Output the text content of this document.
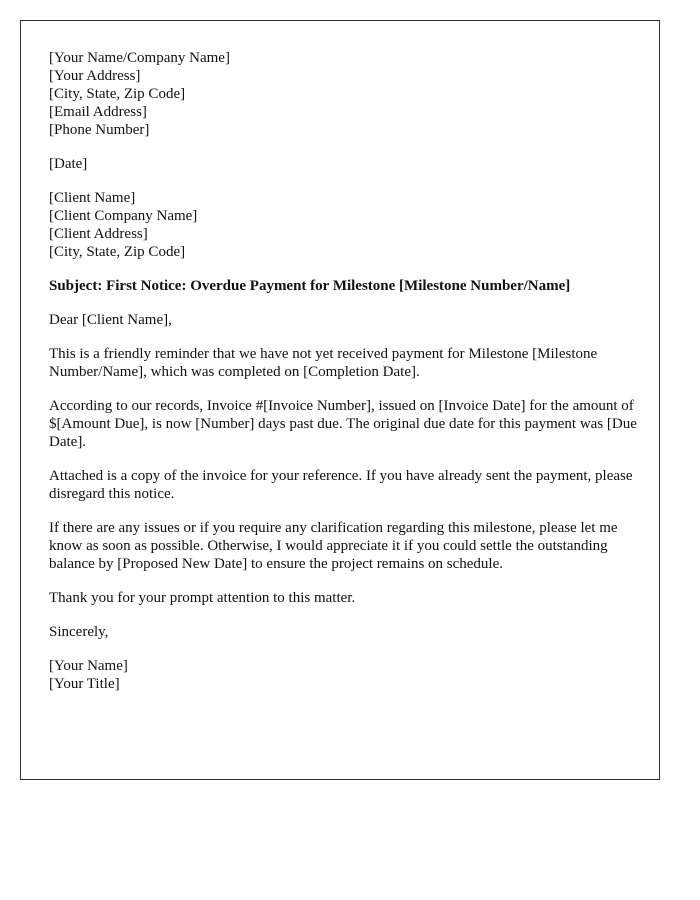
[Your Name/Company Name]
[Your Address]
[City, State, Zip Code]
[Email Address]
[Phone Number]
[Date]
[Client Name]
[Client Company Name]
[Client Address]
[City, State, Zip Code]

Subject: First Notice: Overdue Payment for Milestone [Milestone Number/Name]

Dear [Client Name],

This is a friendly reminder that we have not yet received payment for Milestone [Milestone Number/Name], which was completed on [Completion Date].

According to our records, Invoice #[Invoice Number], issued on [Invoice Date] for the amount of $[Amount Due], is now [Number] days past due. The original due date for this payment was [Due Date].

Attached is a copy of the invoice for your reference. If you have already sent the payment, please disregard this notice.

If there are any issues or if you require any clarification regarding this milestone, please let me know as soon as possible. Otherwise, I would appreciate it if you could settle the outstanding balance by [Proposed New Date] to ensure the project remains on schedule.

Thank you for your prompt attention to this matter.

Sincerely,

[Your Name]
[Your Title]
